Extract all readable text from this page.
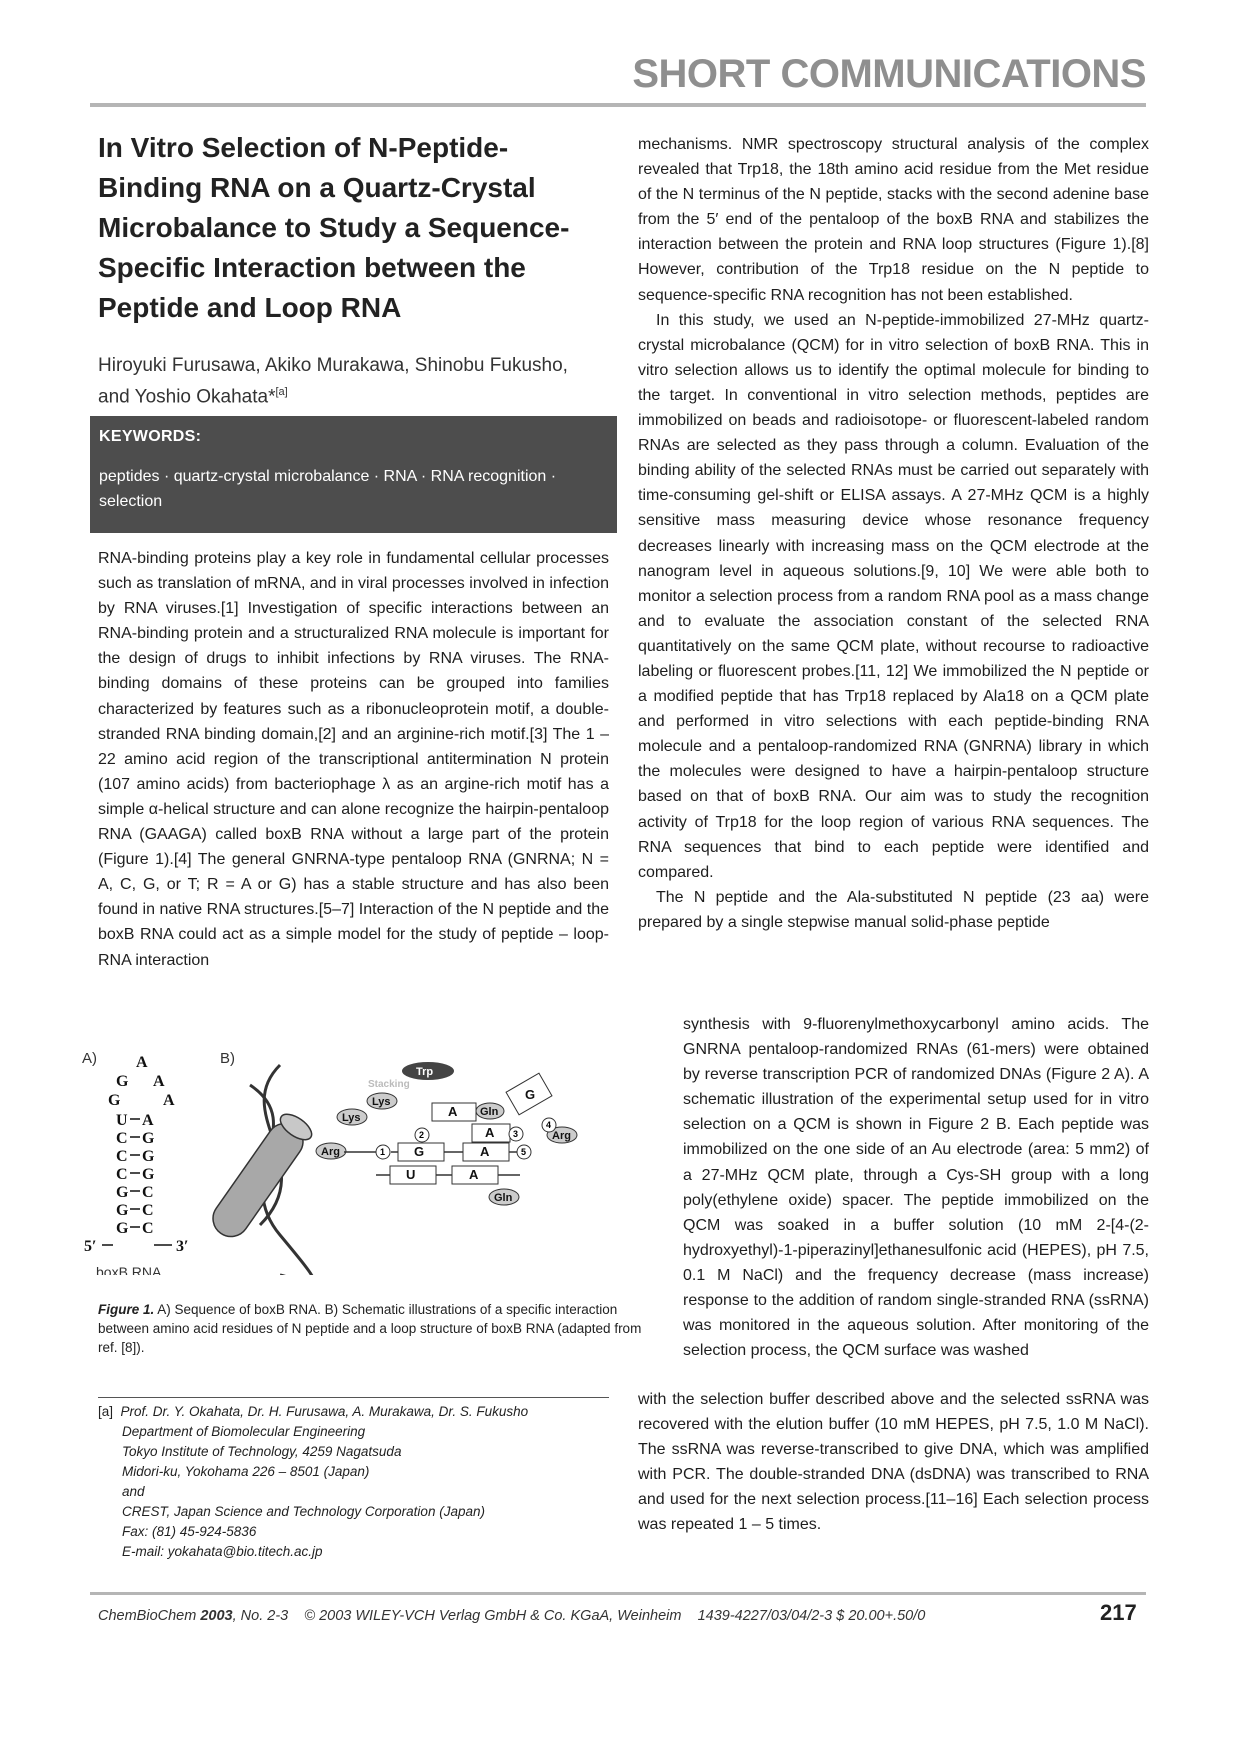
SHORT COMMUNICATIONS
In Vitro Selection of N-Peptide-
Binding RNA on a Quartz-Crystal
Microbalance to Study a Sequence-
Specific Interaction between the
Peptide and Loop RNA
Hiroyuki Furusawa, Akiko Murakawa, Shinobu Fukusho,
and Yoshio Okahata*[a]
KEYWORDS:
peptides · quartz-crystal microbalance · RNA · RNA recognition · selection

RNA-binding proteins play a key role in fundamental cellular processes such as translation of mRNA, and in viral processes involved in infection by RNA viruses.[1] Investigation of specific interactions between an RNA-binding protein and a structuralized RNA molecule is important for the design of drugs to inhibit infections by RNA viruses. The RNA-binding domains of these proteins can be grouped into families characterized by features such as a ribonucleoprotein motif, a double-stranded RNA binding domain,[2] and an arginine-rich motif.[3] The 1 – 22 amino acid region of the transcriptional antitermination N protein (107 amino acids) from bacteriophage λ as an argine-rich motif has a simple α-helical structure and can alone recognize the hairpin-pentaloop RNA (GAAGA) called boxB RNA without a large part of the protein (Figure 1).[4] The general GNRNA-type pentaloop RNA (GNRNA; N = A, C, G, or T; R = A or G) has a stable structure and has also been found in native RNA structures.[5–7] Interaction of the N peptide and the boxB RNA could act as a simple model for the study of peptide – loop-RNA interaction

mechanisms. NMR spectroscopy structural analysis of the complex revealed that Trp18, the 18th amino acid residue from the Met residue of the N terminus of the N peptide, stacks with the second adenine base from the 5′ end of the pentaloop of the boxB RNA and stabilizes the interaction between the protein and RNA loop structures (Figure 1).[8] However, contribution of the Trp18 residue on the N peptide to sequence-specific RNA recognition has not been established.

In this study, we used an N-peptide-immobilized 27-MHz quartz-crystal microbalance (QCM) for in vitro selection of boxB RNA. This in vitro selection allows us to identify the optimal molecule for binding to the target. In conventional in vitro selection methods, peptides are immobilized on beads and radioisotope- or fluorescent-labeled random RNAs are selected as they pass through a column. Evaluation of the binding ability of the selected RNAs must be carried out separately with time-consuming gel-shift or ELISA assays. A 27-MHz QCM is a highly sensitive mass measuring device whose resonance frequency decreases linearly with increasing mass on the QCM electrode at the nanogram level in aqueous solutions.[9, 10] We were able both to monitor a selection process from a random RNA pool as a mass change and to evaluate the association constant of the selected RNA quantitatively on the same QCM plate, without recourse to radioactive labeling or fluorescent probes.[11, 12] We immobilized the N peptide or a modified peptide that has Trp18 replaced by Ala18 on a QCM plate and performed in vitro selections with each peptide-binding RNA molecule and a pentaloop-randomized RNA (GNRNA) library in which the molecules were designed to have a hairpin-pentaloop structure based on that of boxB RNA. Our aim was to study the recognition activity of Trp18 for the loop region of various RNA sequences. The RNA sequences that bind to each peptide were identified and compared.

The N peptide and the Ala-substituted N peptide (23 aa) were prepared by a single stepwise manual solid-phase peptide

synthesis with 9-fluorenylmethoxycarbonyl amino acids. The GNRNA pentaloop-randomized RNAs (61-mers) were obtained by reverse transcription PCR of randomized DNAs (Figure 2 A). A schematic illustration of the experimental setup used for in vitro selection on a QCM is shown in Figure 2 B. Each peptide was immobilized on the one side of an Au electrode (area: 5 mm2) of a 27-MHz QCM plate, through a Cys-SH group with a long poly(ethylene oxide) spacer. The peptide immobilized on the QCM was soaked in a buffer solution (10 mM 2-[4-(2-hydroxyethyl)-1-piperazinyl]ethanesulfonic acid (HEPES), pH 7.5, 0.1 M NaCl) and the frequency decrease (mass increase) response to the addition of random single-stranded RNA (ssRNA) was monitored in the aqueous solution. After monitoring of the selection process, the QCM surface was washed

with the selection buffer described above and the selected ssRNA was recovered with the elution buffer (10 mM HEPES, pH 7.5, 1.0 M NaCl). The ssRNA was reverse-transcribed to give DNA, which was amplified with PCR. The double-stranded DNA (dsDNA) was transcribed to RNA and used for the next selection process.[11–16] Each selection process was repeated 1 – 5 times.

A) A
G A
G	A
U A
C G
C G
C G
G C
G C
G C
5′	3′
boxB RNA
B)
Trp
Stacking
Lys
Lys	Gln
G
A
A
Arg
Arg
G	A
U	A
Gln
1
2	3
4
5
Figure 1. A) Sequence of boxB RNA. B) Schematic illustrations of a specific interaction between amino acid residues of N peptide and a loop structure of boxB RNA (adapted from ref. [8]).
[a] Prof. Dr. Y. Okahata, Dr. H. Furusawa, A. Murakawa, Dr. S. Fukusho
Department of Biomolecular Engineering
Tokyo Institute of Technology, 4259 Nagatsuda
Midori-ku, Yokohama 226 – 8501 (Japan)
and
CREST, Japan Science and Technology Corporation (Japan)
Fax: (81) 45-924-5836
E-mail: yokahata@bio.titech.ac.jp
ChemBioChem 2003, No. 2-3 © 2003 WILEY-VCH Verlag GmbH & Co. KGaA, Weinheim 1439-4227/03/04/2-3 $ 20.00+.50/0	217
